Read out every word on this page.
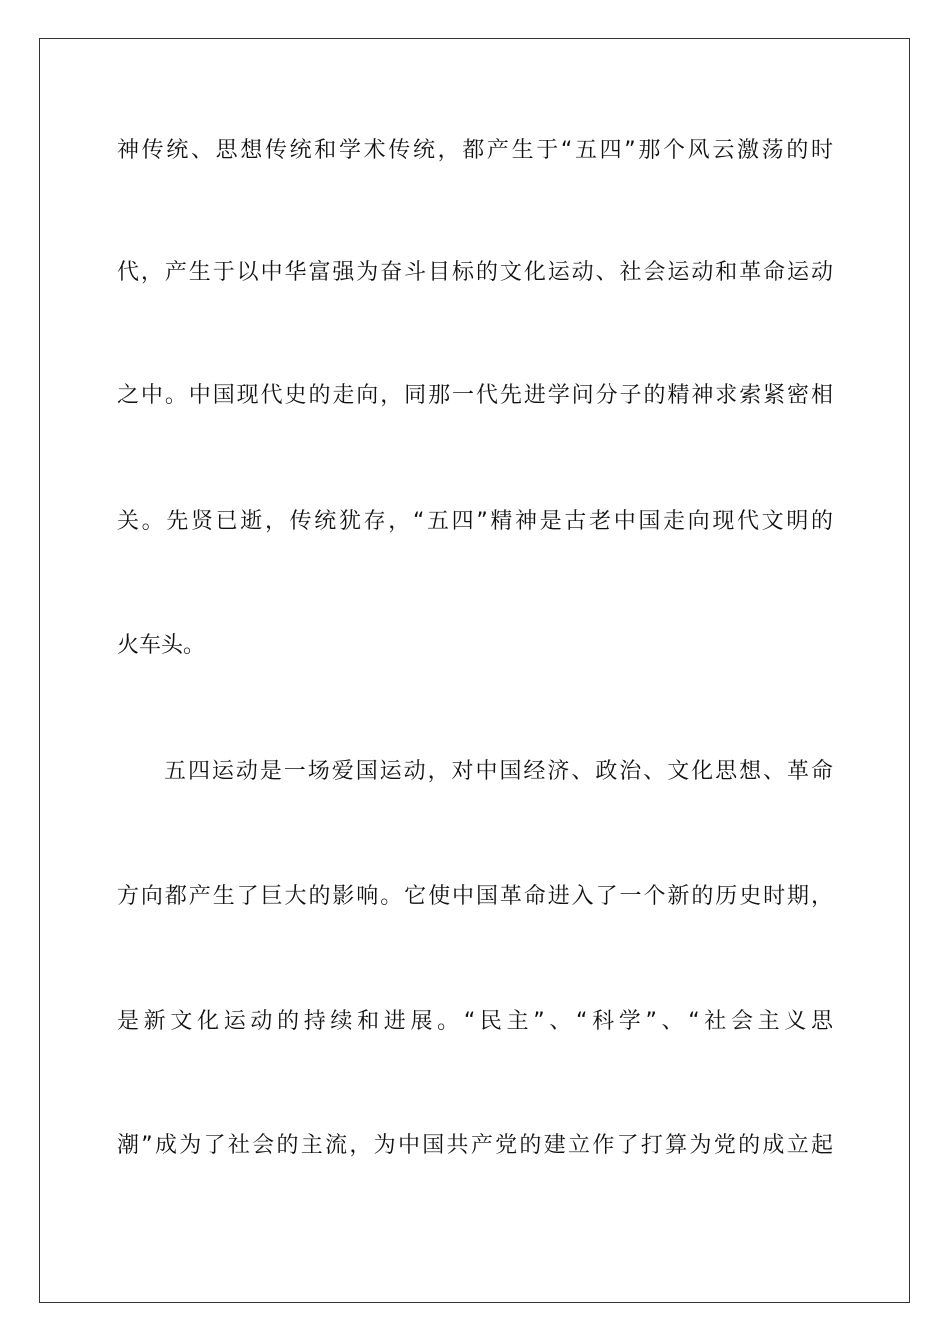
神传统、思想传统和学术传统，都产生于“五四”那个风云激荡的时
代，产生于以中华富强为奋斗目标的文化运动、社会运动和革命运动
之中。中国现代史的走向，同那一代先进学问分子的精神求索紧密相
关。先贤已逝，传统犹存，“五四”精神是古老中国走向现代文明的
火车头。
五四运动是一场爱国运动，对中国经济、政治、文化思想、革命
方向都产生了巨大的影响。它使中国革命进入了一个新的历史时期，
是新文化运动的持续和进展。“民主”、“科学”、“社会主义思
潮”成为了社会的主流，为中国共产党的建立作了打算为党的成立起
